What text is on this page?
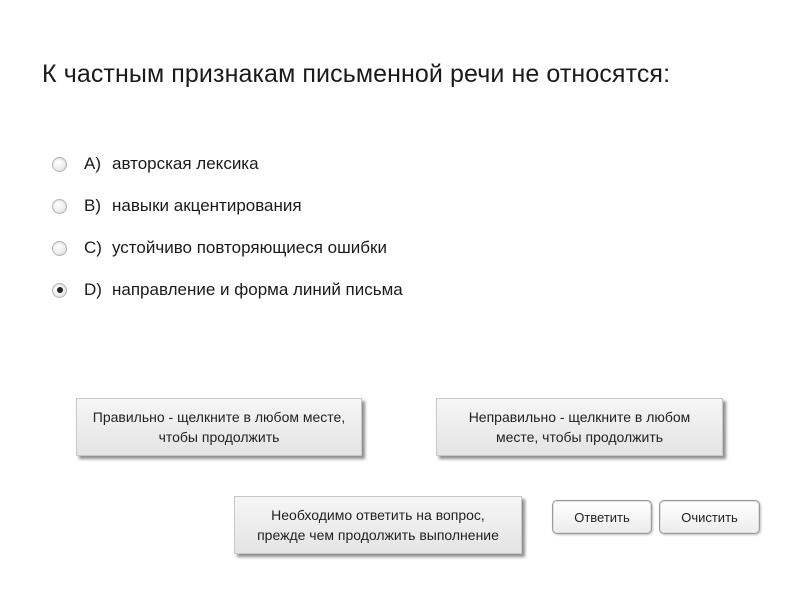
К частным признакам письменной речи не относятся:
A) авторская лексика
B) навыки акцентирования
C) устойчиво повторяющиеся ошибки
D) направление и форма линий письма
Правильно - щелкните в любом месте,
чтобы продолжить
Неправильно - щелкните в любом
месте, чтобы продолжить
Необходимо ответить на вопрос,
прежде чем продолжить выполнение
Ответить	Очистить
